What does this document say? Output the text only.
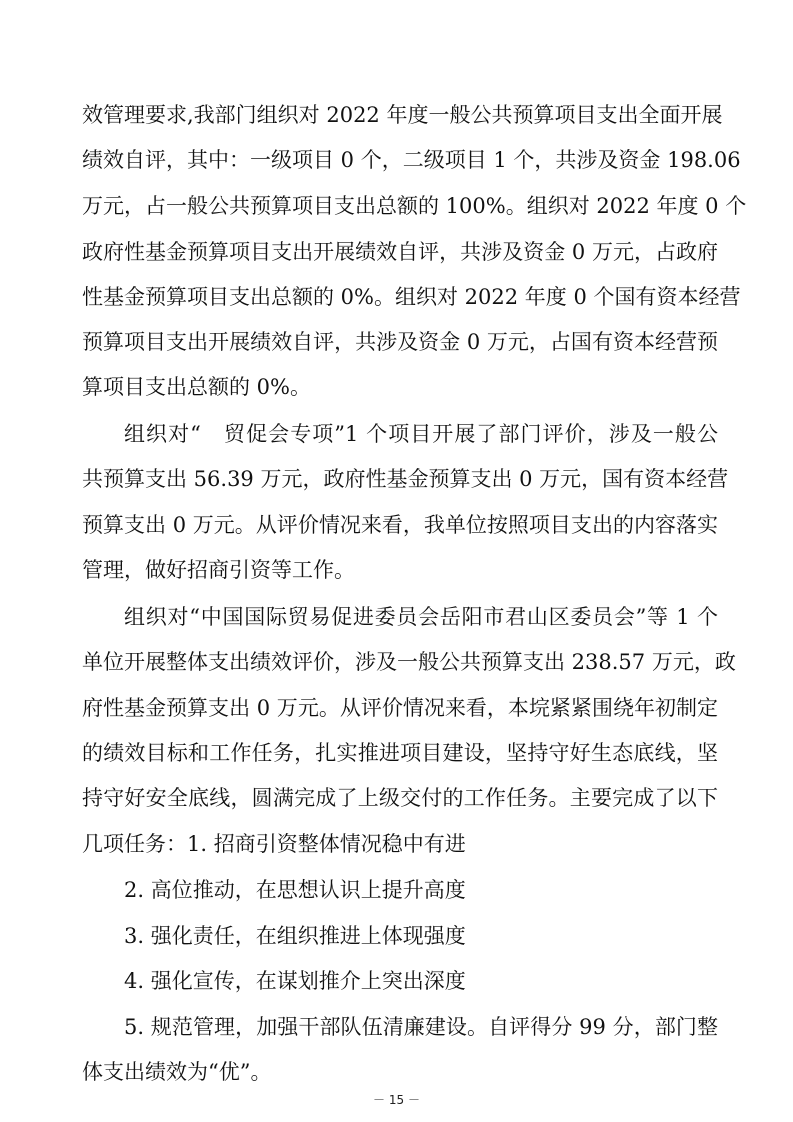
效管理要求,我部门组织对 2022 年度一般公共预算项目支出全面开展
绩效自评，其中：一级项目 0 个，二级项目 1 个，共涉及资金 198.06
万元，占一般公共预算项目支出总额的 100%。组织对 2022 年度 0 个
政府性基金预算项目支出开展绩效自评，共涉及资金 0 万元，占政府
性基金预算项目支出总额的 0%。组织对 2022 年度 0 个国有资本经营
预算项目支出开展绩效自评，共涉及资金 0 万元，占国有资本经营预
算项目支出总额的 0%。
组织对“　贸促会专项”1 个项目开展了部门评价，涉及一般公
共预算支出 56.39 万元，政府性基金预算支出 0 万元，国有资本经营
预算支出 0 万元。从评价情况来看，我单位按照项目支出的内容落实
管理，做好招商引资等工作。
组织对“中国国际贸易促进委员会岳阳市君山区委员会”等 1 个
单位开展整体支出绩效评价，涉及一般公共预算支出 238.57 万元，政
府性基金预算支出 0 万元。从评价情况来看，本垸紧紧围绕年初制定
的绩效目标和工作任务，扎实推进项目建设，坚持守好生态底线，坚
持守好安全底线，圆满完成了上级交付的工作任务。主要完成了以下
几项任务：1. 招商引资整体情况稳中有进
2. 高位推动，在思想认识上提升高度
3. 强化责任，在组织推进上体现强度
4. 强化宣传，在谋划推介上突出深度
5. 规范管理，加强干部队伍清廉建设。自评得分 99 分，部门整
体支出绩效为“优”。
－ 15 －
